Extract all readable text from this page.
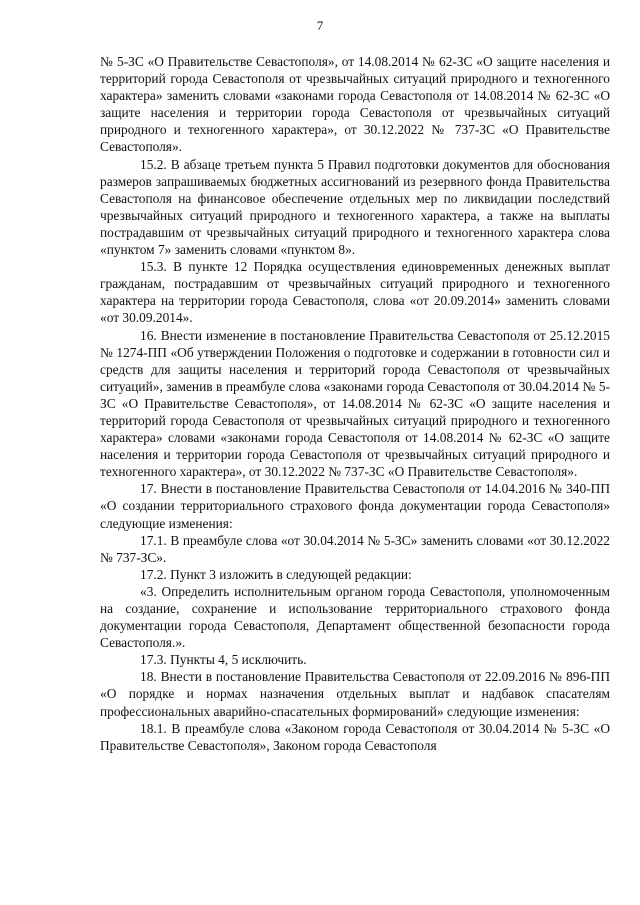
7

№ 5-ЗС «О Правительстве Севастополя», от 14.08.2014 № 62-ЗС «О защите населения и территорий города Севастополя от чрезвычайных ситуаций природного и техногенного характера» заменить словами «законами города Севастополя от 14.08.2014 № 62-ЗС «О защите населения и территории города Севастополя от чрезвычайных ситуаций природного и техногенного характера», от 30.12.2022 № 737-ЗС «О Правительстве Севастополя».

15.2. В абзаце третьем пункта 5 Правил подготовки документов для обоснования размеров запрашиваемых бюджетных ассигнований из резервного фонда Правительства Севастополя на финансовое обеспечение отдельных мер по ликвидации последствий чрезвычайных ситуаций природного и техногенного характера, а также на выплаты пострадавшим от чрезвычайных ситуаций природного и техногенного характера слова «пунктом 7» заменить словами «пунктом 8».

15.3. В пункте 12 Порядка осуществления единовременных денежных выплат гражданам, пострадавшим от чрезвычайных ситуаций природного и техногенного характера на территории города Севастополя, слова «от 20.09.2014» заменить словами «от 30.09.2014».

16. Внести изменение в постановление Правительства Севастополя от 25.12.2015 № 1274-ПП «Об утверждении Положения о подготовке и содержании в готовности сил и средств для защиты населения и территорий города Севастополя от чрезвычайных ситуаций», заменив в преамбуле слова «законами города Севастополя от 30.04.2014 № 5-ЗС «О Правительстве Севастополя», от 14.08.2014 № 62-ЗС «О защите населения и территорий города Севастополя от чрезвычайных ситуаций природного и техногенного характера» словами «законами города Севастополя от 14.08.2014 № 62-ЗС «О защите населения и территории города Севастополя от чрезвычайных ситуаций природного и техногенного характера», от 30.12.2022 № 737-ЗС «О Правительстве Севастополя».

17. Внести в постановление Правительства Севастополя от 14.04.2016 № 340-ПП «О создании территориального страхового фонда документации города Севастополя» следующие изменения:

17.1. В преамбуле слова «от 30.04.2014 № 5-ЗС» заменить словами «от 30.12.2022 № 737-ЗС».

17.2. Пункт 3 изложить в следующей редакции:

«3. Определить исполнительным органом города Севастополя, уполномоченным на создание, сохранение и использование территориального страхового фонда документации города Севастополя, Департамент общественной безопасности города Севастополя.».

17.3. Пункты 4, 5 исключить.

18. Внести в постановление Правительства Севастополя от 22.09.2016 № 896-ПП «О порядке и нормах назначения отдельных выплат и надбавок спасателям профессиональных аварийно-спасательных формирований» следующие изменения:

18.1. В преамбуле слова «Законом города Севастополя от 30.04.2014 № 5-ЗС «О Правительстве Севастополя», Законом города Севастополя
